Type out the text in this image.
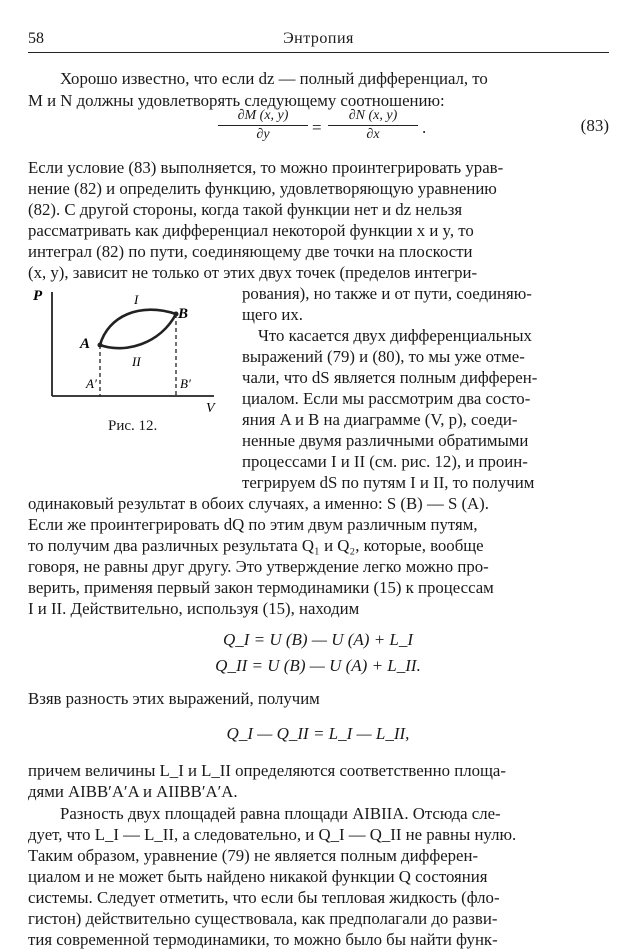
58	Энтропия
Хорошо известно, что если dz — полный дифференциал, то
M и N должны удовлетворять следующему соотношению:
$\frac{\partial M (x, y)}{\partial y} = \frac{\partial N (x, y)}{\partial x}$ .	(83)
Если условие (83) выполняется, то можно проинтегрировать урав-
нение (82) и определить функцию, удовлетворяющую уравнению
(82). С другой стороны, когда такой функции нет и dz нельзя
рассматривать как дифференциал некоторой функции x и y, то
интеграл (82) по пути, соединяющему две точки на плоскости
(x, y), зависит не только от этих двух точек (пределов интегри-
рования), но также и от пути, соединяю-
щего их.
Что касается двух дифференциальных
выражений (79) и (80), то мы уже отме-
чали, что dS является полным дифферен-
циалом. Если мы рассмотрим два состо-
яния A и B на диаграмме (V, p), соеди-
ненные двумя различными обратимыми
процессами I и II (см. рис. 12), и проин-
тегрируем dS по путям I и II, то получим
одинаковый результат в обоих случаях, а именно: S (B) — S (A).
Если же проинтегрировать dQ по этим двум различным путям,
то получим два различных результата Q₁ и Q₂, которые, вообще
говоря, не равны друг другу. Это утверждение легко можно про-
верить, применяя первый закон термодинамики (15) к процессам
I и II. Действительно, используя (15), находим
Q_I = U (B) — U (A) + L_I
Q_II = U (B) — U (A) + L_II.
Взяв разность этих выражений, получим
Q_I — Q_II = L_I — L_II,
причем величины L_I и L_II определяются соответственно площа-
дями AIBB′A′A и AIIBB′A′A.
Разность двух площадей равна площади AIBIIA. Отсюда сле-
дует, что L_I — L_II, а следовательно, и Q_I — Q_II не равны нулю.
Таким образом, уравнение (79) не является полным дифферен-
циалом и не может быть найдено никакой функции Q состояния
системы. Следует отметить, что если бы тепловая жидкость (фло-
гистон) действительно существовала, как предполагали до разви-
тия современной термодинамики, то можно было бы найти функ-
P
V
A
B
A′	B′
I
II
Рис. 12.
